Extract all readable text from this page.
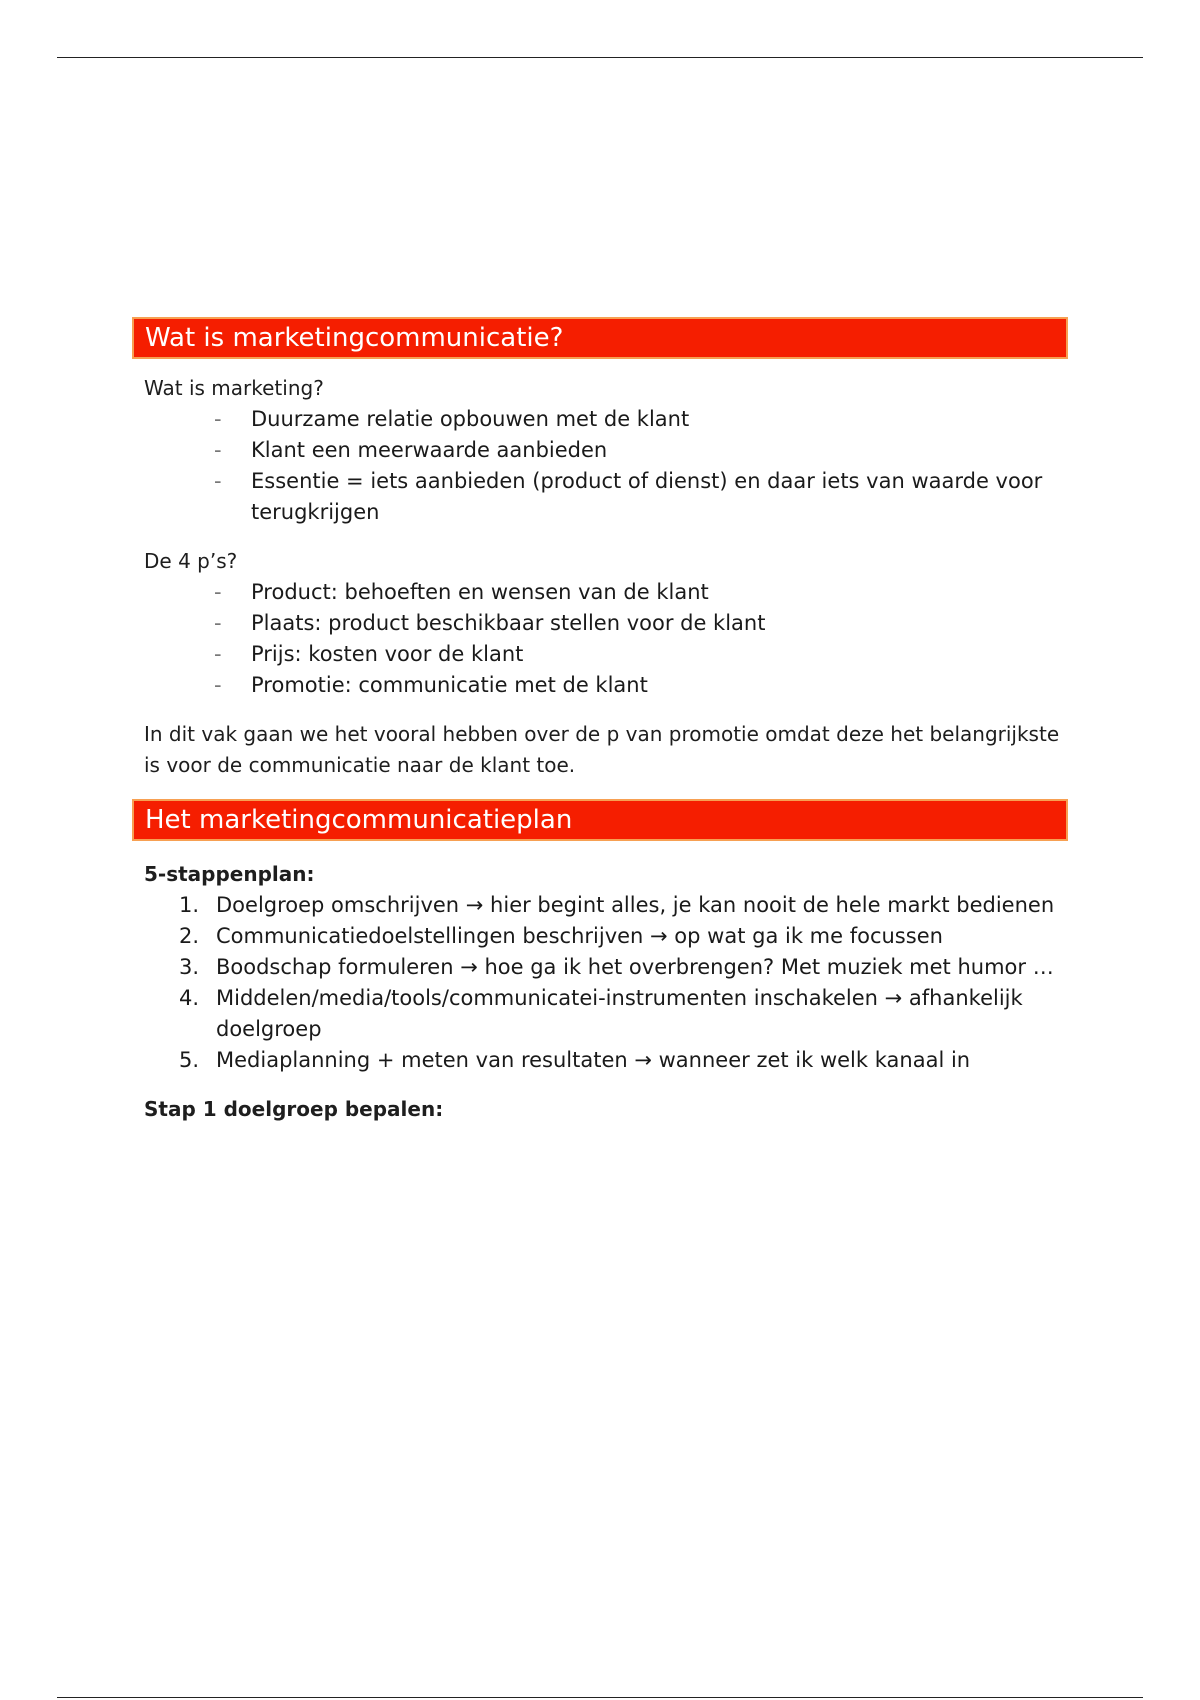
Wat is marketingcommunicatie?

Wat is marketing?

- Duurzame relatie opbouwen met de klant
- Klant een meerwaarde aanbieden
- Essentie = iets aanbieden (product of dienst) en daar iets van waarde voor terugkrijgen

De 4 p’s?

- Product: behoeften en wensen van de klant
- Plaats: product beschikbaar stellen voor de klant
- Prijs: kosten voor de klant
- Promotie: communicatie met de klant

In dit vak gaan we het vooral hebben over de p van promotie omdat deze het belangrijkste is voor de communicatie naar de klant toe.

Het marketingcommunicatieplan

5-stappenplan:

1. Doelgroep omschrijven → hier begint alles, je kan nooit de hele markt bedienen
2. Communicatiedoelstellingen beschrijven → op wat ga ik me focussen
3. Boodschap formuleren → hoe ga ik het overbrengen? Met muziek met humor …
4. Middelen/media/tools/communicatei-instrumenten inschakelen → afhankelijk doelgroep
5. Mediaplanning + meten van resultaten → wanneer zet ik welk kanaal in

Stap 1 doelgroep bepalen:
